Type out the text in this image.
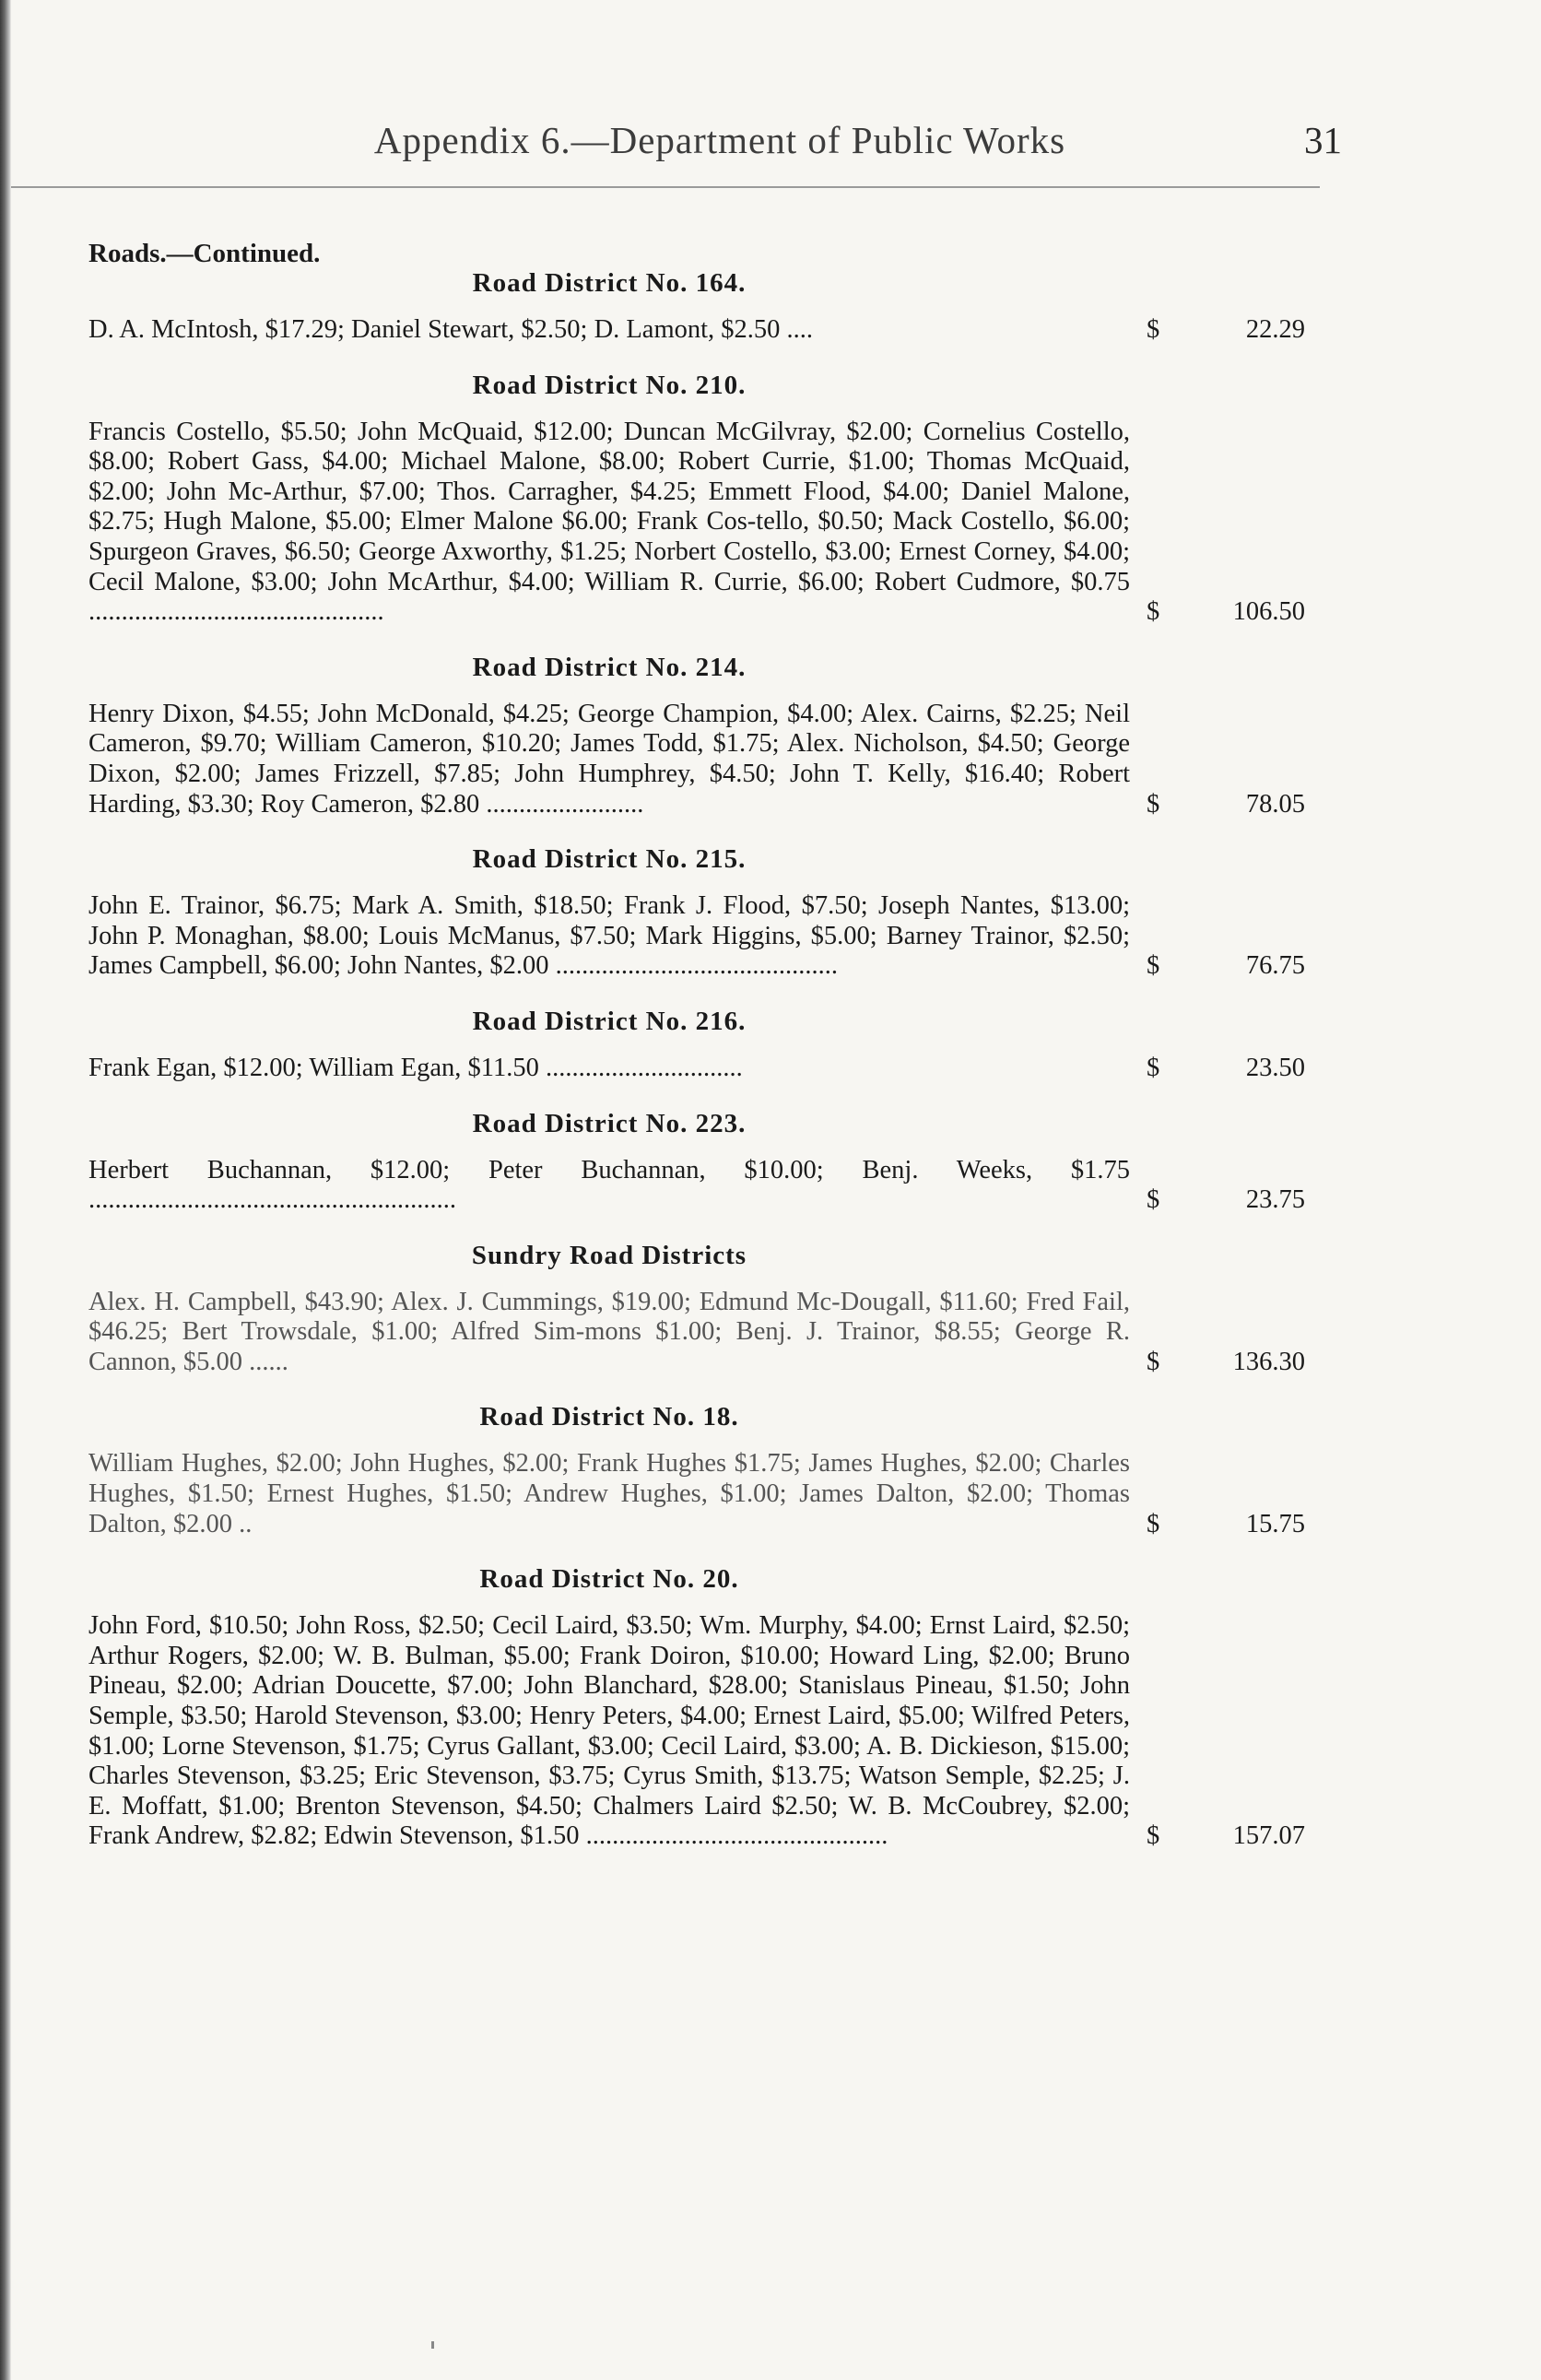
Appendix 6.—Department of Public Works	31
Roads.—Continued.
Road District No. 164.
D. A. McIntosh, $17.29; Daniel Stewart, $2.50; D. Lamont, $2.50 ....	$	22.29
Road District No. 210.
Francis Costello, $5.50; John McQuaid, $12.00; Duncan McGilvray, $2.00; Cornelius Costello, $8.00; Robert Gass, $4.00; Michael Malone, $8.00; Robert Currie, $1.00; Thomas McQuaid, $2.00; John Mc-Arthur, $7.00; Thos. Carragher, $4.25; Emmett Flood, $4.00; Daniel Malone, $2.75; Hugh Malone, $5.00; Elmer Malone $6.00; Frank Cos-tello, $0.50; Mack Costello, $6.00; Spurgeon Graves, $6.50; George Axworthy, $1.25; Norbert Costello, $3.00; Ernest Corney, $4.00; Cecil Malone, $3.00; John McArthur, $4.00; William R. Currie, $6.00; Robert Cudmore, $0.75 .............................................	$	106.50
Road District No. 214.
Henry Dixon, $4.55; John McDonald, $4.25; George Champion, $4.00; Alex. Cairns, $2.25; Neil Cameron, $9.70; William Cameron, $10.20; James Todd, $1.75; Alex. Nicholson, $4.50; George Dixon, $2.00; James Frizzell, $7.85; John Humphrey, $4.50; John T. Kelly, $16.40; Robert Harding, $3.30; Roy Cameron, $2.80 ........................	$	78.05
Road District No. 215.
John E. Trainor, $6.75; Mark A. Smith, $18.50; Frank J. Flood, $7.50; Joseph Nantes, $13.00; John P. Monaghan, $8.00; Louis McManus, $7.50; Mark Higgins, $5.00; Barney Trainor, $2.50; James Campbell, $6.00; John Nantes, $2.00 ...........................................	$	76.75
Road District No. 216.
Frank Egan, $12.00; William Egan, $11.50 ..............................	$	23.50
Road District No. 223.
Herbert Buchannan, $12.00; Peter Buchannan, $10.00; Benj. Weeks, $1.75 ........................................................	$	23.75
Sundry Road Districts
Alex. H. Campbell, $43.90; Alex. J. Cummings, $19.00; Edmund Mc-Dougall, $11.60; Fred Fail, $46.25; Bert Trowsdale, $1.00; Alfred Sim-mons $1.00; Benj. J. Trainor, $8.55; George R. Cannon, $5.00 ......	$	136.30
Road District No. 18.
William Hughes, $2.00; John Hughes, $2.00; Frank Hughes $1.75; James Hughes, $2.00; Charles Hughes, $1.50; Ernest Hughes, $1.50; Andrew Hughes, $1.00; James Dalton, $2.00; Thomas Dalton, $2.00 ..	$	15.75
Road District No. 20.
John Ford, $10.50; John Ross, $2.50; Cecil Laird, $3.50; Wm. Murphy, $4.00; Ernst Laird, $2.50; Arthur Rogers, $2.00; W. B. Bulman, $5.00; Frank Doiron, $10.00; Howard Ling, $2.00; Bruno Pineau, $2.00; Adrian Doucette, $7.00; John Blanchard, $28.00; Stanislaus Pineau, $1.50; John Semple, $3.50; Harold Stevenson, $3.00; Henry Peters, $4.00; Ernest Laird, $5.00; Wilfred Peters, $1.00; Lorne Stevenson, $1.75; Cyrus Gallant, $3.00; Cecil Laird, $3.00; A. B. Dickieson, $15.00; Charles Stevenson, $3.25; Eric Stevenson, $3.75; Cyrus Smith, $13.75; Watson Semple, $2.25; J. E. Moffatt, $1.00; Brenton Stevenson, $4.50; Chalmers Laird $2.50; W. B. McCoubrey, $2.00; Frank Andrew, $2.82; Edwin Stevenson, $1.50 ..............................................	$	157.07
